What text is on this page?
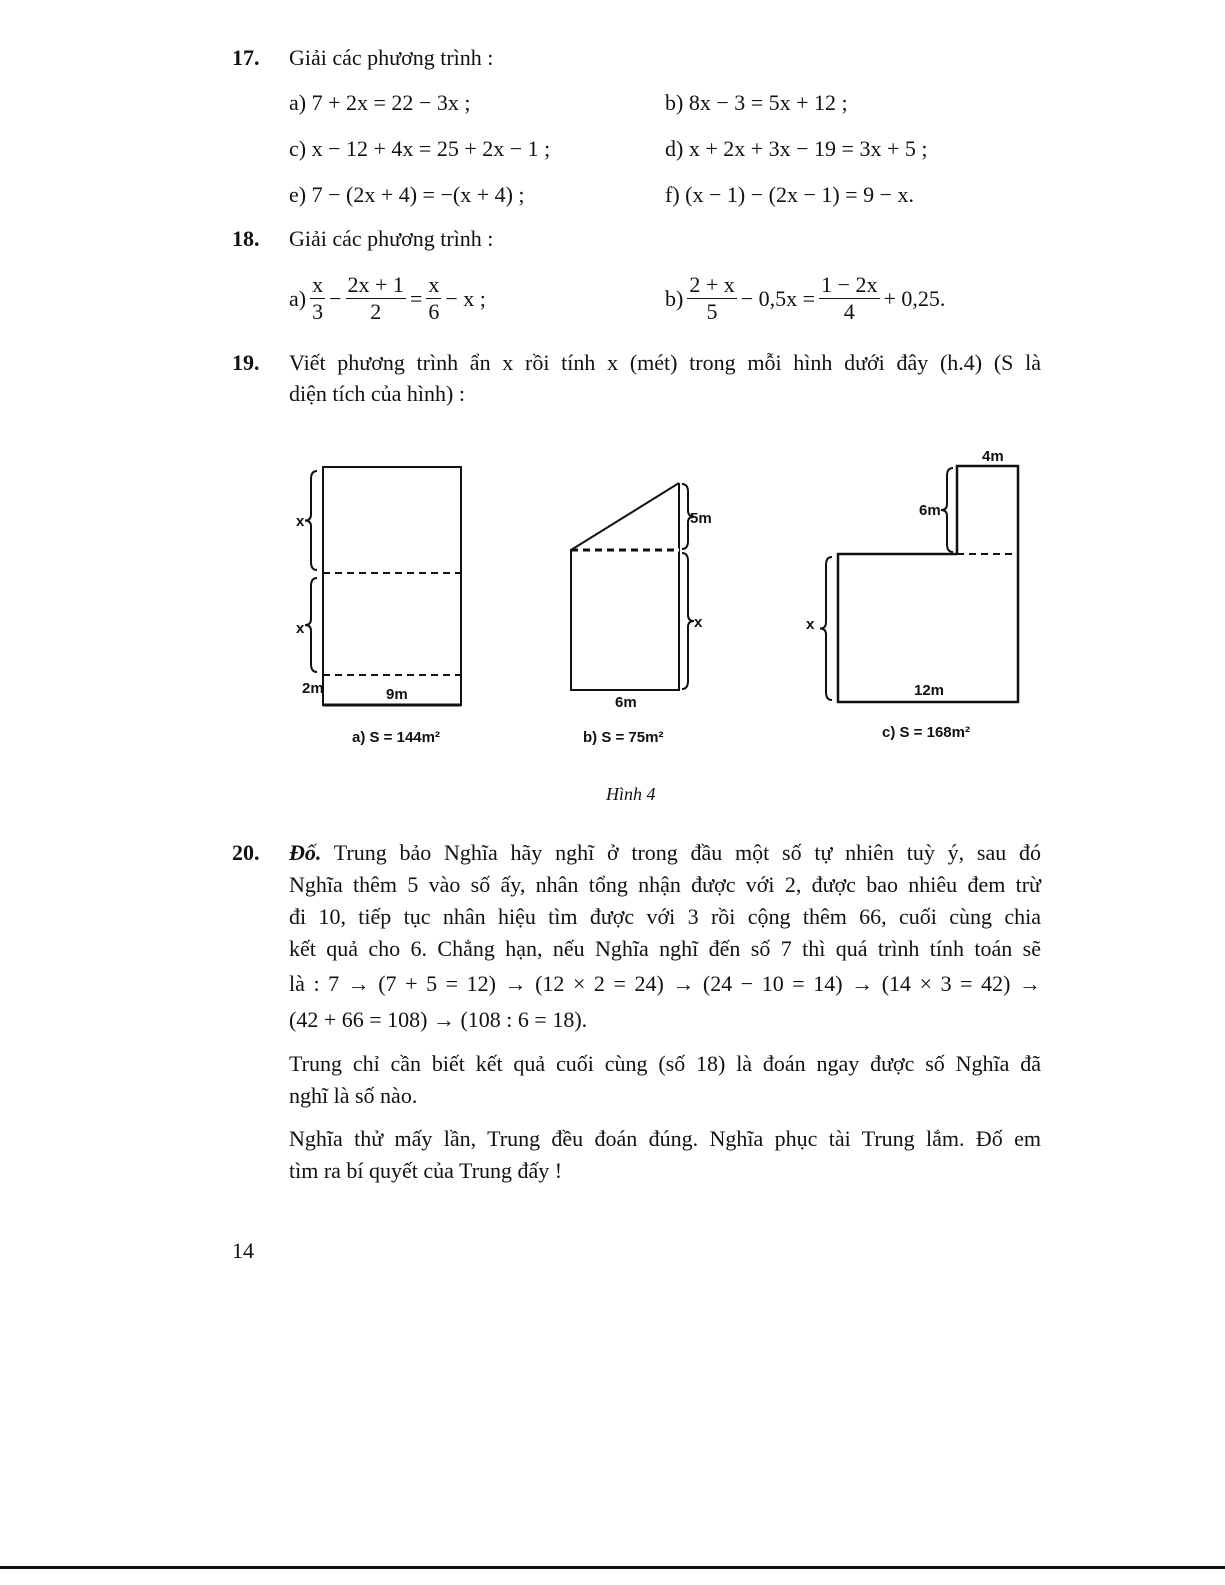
17. Giải các phương trình :
a) 7 + 2x = 22 − 3x ;	b) 8x − 3 = 5x + 12 ;
c) x − 12 + 4x = 25 + 2x − 1 ;	d) x + 2x + 3x − 19 = 3x + 5 ;
e) 7 − (2x + 4) = −(x + 4) ;	f) (x − 1) − (2x − 1) = 9 − x.
18. Giải các phương trình :
$a) \frac{x}{3} - \frac{2x + 1}{2} = \frac{x}{6} - x$ ;	$b) \frac{2 + x}{5} - 0,5x = \frac{1 - 2x}{4} + 0,25$.
19. Viết phương trình ẩn x rồi tính x (mét) trong mỗi hình dưới đây (h.4) (S là
diện tích của hình) :
x
x
2m	9m
a) S = 144m²
5m
x
6m
b) S = 75m²
4m
6m
x
12m
c) S = 168m²
Hình 4
20. Đố. Trung bảo Nghĩa hãy nghĩ ở trong đầu một số tự nhiên tuỳ ý, sau đó
Nghĩa thêm 5 vào số ấy, nhân tổng nhận được với 2, được bao nhiêu đem trừ
đi 10, tiếp tục nhân hiệu tìm được với 3 rồi cộng thêm 66, cuối cùng chia
kết quả cho 6. Chẳng hạn, nếu Nghĩa nghĩ đến số 7 thì quá trình tính toán sẽ
là : 7 → (7 + 5 = 12) → (12 × 2 = 24) → (24 − 10 = 14) → (14 × 3 = 42) →
(42 + 66 = 108) → (108 : 6 = 18).
Trung chỉ cần biết kết quả cuối cùng (số 18) là đoán ngay được số Nghĩa đã
nghĩ là số nào.
Nghĩa thử mấy lần, Trung đều đoán đúng. Nghĩa phục tài Trung lắm. Đố em
tìm ra bí quyết của Trung đấy !
14
